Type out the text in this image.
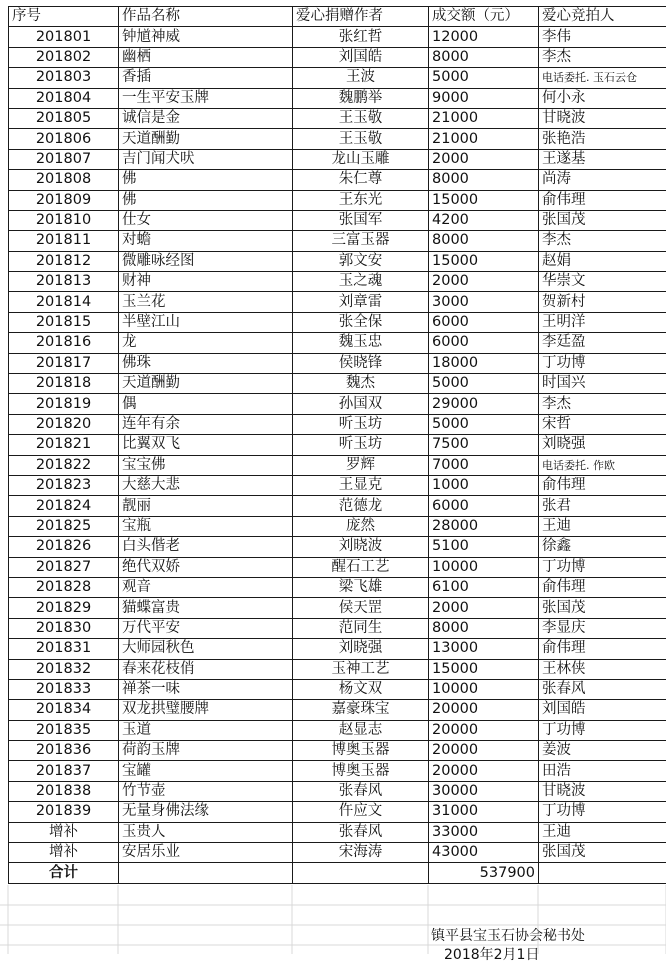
序号	作品名称	爱心捐赠作者	成交额（元）	爱心竞拍人
201801	钟馗神威	张红哲	12000	李伟
201802	幽栖	刘国皓	8000	李杰
201803	香插	王波	5000	电话委托. 玉石云仓
201804	一生平安玉牌	魏鹏举	9000	何小永
201805	诚信是金	王玉敬	21000	甘晓波
201806	天道酬勤	王玉敬	21000	张艳浩
201807	吉门闻犬吠	龙山玉雕	2000	王遂基
201808	佛	朱仁尊	8000	尚涛
201809	佛	王东光	15000	俞伟理
201810	仕女	张国军	4200	张国茂
201811	对蟾	三富玉器	8000	李杰
201812	微雕咏经图	郭文安	15000	赵娟
201813	财神	玉之魂	2000	华崇文
201814	玉兰花	刘章雷	3000	贺新村
201815	半壁江山	张全保	6000	王明洋
201816	龙	魏玉忠	6000	李廷盈
201817	佛珠	侯晓锋	18000	丁功博
201818	天道酬勤	魏杰	5000	时国兴
201819	偶	孙国双	29000	李杰
201820	连年有余	听玉坊	5000	宋哲
201821	比翼双飞	听玉坊	7500	刘晓强
201822	宝宝佛	罗辉	7000	电话委托. 作欧
201823	大慈大悲	王显克	1000	俞伟理
201824	靓丽	范德龙	6000	张君
201825	宝瓶	庞然	28000	王迪
201826	白头偕老	刘晓波	5100	徐鑫
201827	绝代双娇	醒石工艺	10000	丁功博
201828	观音	梁飞雄	6100	俞伟理
201829	猫蝶富贵	侯天罡	2000	张国茂
201830	万代平安	范同生	8000	李显庆
201831	大师园秋色	刘晓强	13000	俞伟理
201832	春来花枝俏	玉神工艺	15000	王林侠
201833	禅茶一味	杨文双	10000	张春风
201834	双龙拱璧腰牌	嘉豪珠宝	20000	刘国皓
201835	玉道	赵显志	20000	丁功博
201836	荷韵玉牌	博奥玉器	20000	姜波
201837	宝罐	博奥玉器	20000	田浩
201838	竹节壶	张春风	30000	甘晓波
201839	无量身佛法缘	仵应文	31000	丁功博
增补	玉贵人	张春风	33000	王迪
增补	安居乐业	宋海涛	43000	张国茂
合计			537900	
镇平县宝玉石协会秘书处
2018年2月1日
